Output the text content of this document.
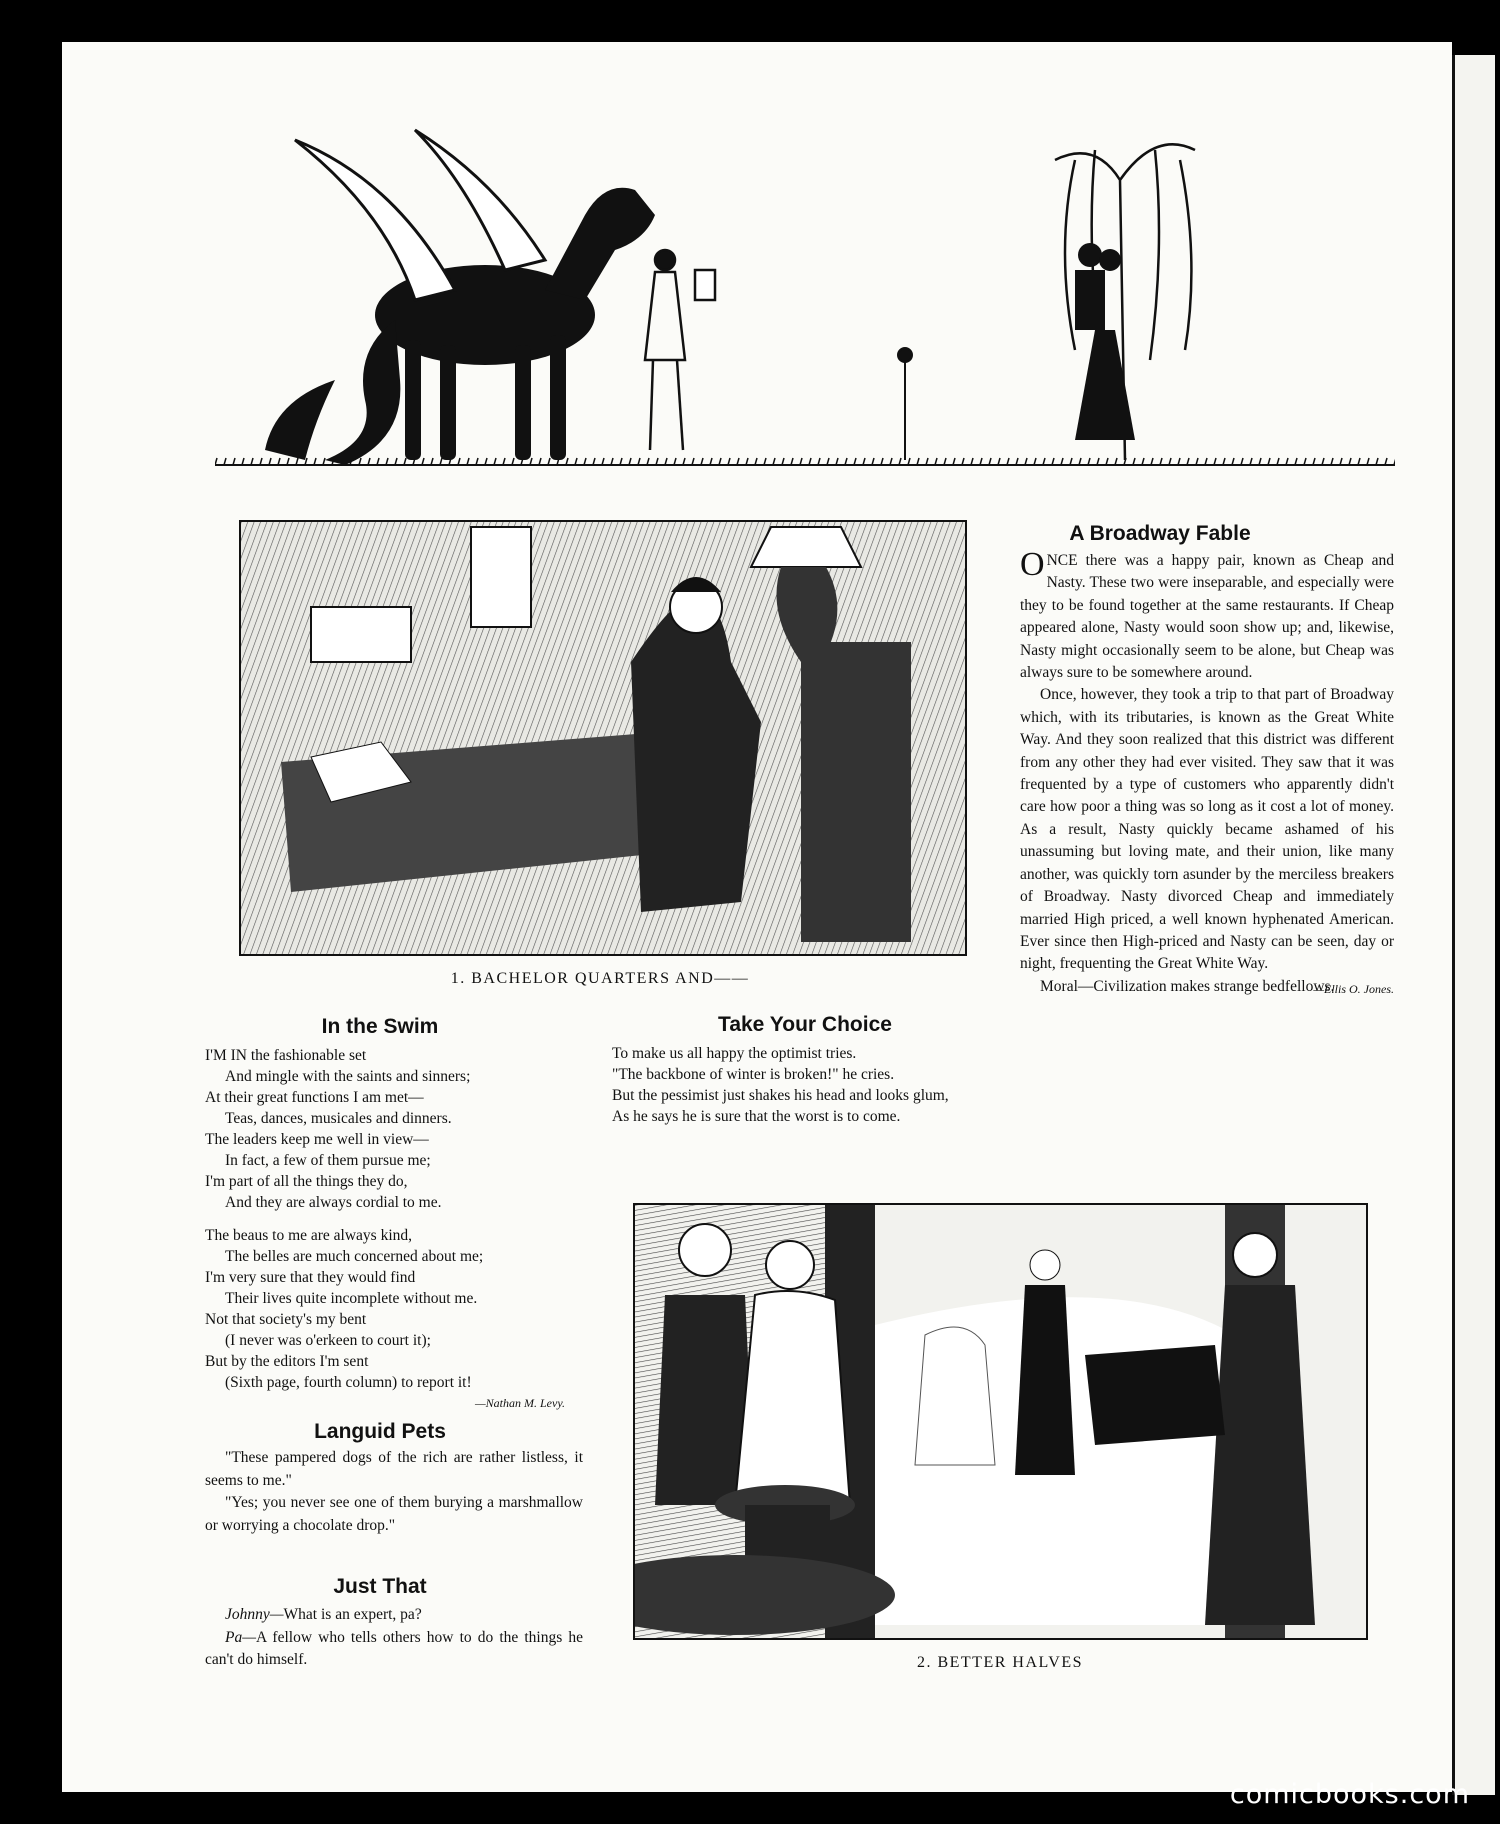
1. BACHELOR QUARTERS AND——
A Broadway Fable

ONCE there was a happy pair, known as Cheap and Nasty. These two were inseparable, and especially were they to be found together at the same restaurants. If Cheap appeared alone, Nasty would soon show up; and, likewise, Nasty might occasionally seem to be alone, but Cheap was always sure to be somewhere around.

Once, however, they took a trip to that part of Broadway which, with its tributaries, is known as the Great White Way. And they soon realized that this district was different from any other they had ever visited. They saw that it was frequented by a type of customers who apparently didn't care how poor a thing was so long as it cost a lot of money. As a result, Nasty quickly became ashamed of his unassuming but loving mate, and their union, like many another, was quickly torn asunder by the merciless breakers of Broadway. Nasty divorced Cheap and immediately married High priced, a well known hyphenated American. Ever since then High-priced and Nasty can be seen, day or night, frequenting the Great White Way.

Moral—Civilization makes strange bedfellows.

—Ellis O. Jones.
In the Swim

I'M IN the fashionable set

And mingle with the saints and sinners;

At their great functions I am met—

Teas, dances, musicales and dinners.

The leaders keep me well in view—

In fact, a few of them pursue me;

I'm part of all the things they do,

And they are always cordial to me.

The beaus to me are always kind,

The belles are much concerned about me;

I'm very sure that they would find

Their lives quite incomplete without me.

Not that society's my bent

(I never was o'erkeen to court it);

But by the editors I'm sent

(Sixth page, fourth column) to report it!

—Nathan M. Levy.
Take Your Choice

To make us all happy the optimist tries.

"The backbone of winter is broken!" he cries.

But the pessimist just shakes his head and looks glum,

As he says he is sure that the worst is to come.

Languid Pets

"These pampered dogs of the rich are rather listless, it seems to me."

"Yes; you never see one of them burying a marshmallow or worrying a chocolate drop."

Just That

Johnny—What is an expert, pa?

Pa—A fellow who tells others how to do the things he can't do himself.	2. BETTER HALVES
comicbooks.com
